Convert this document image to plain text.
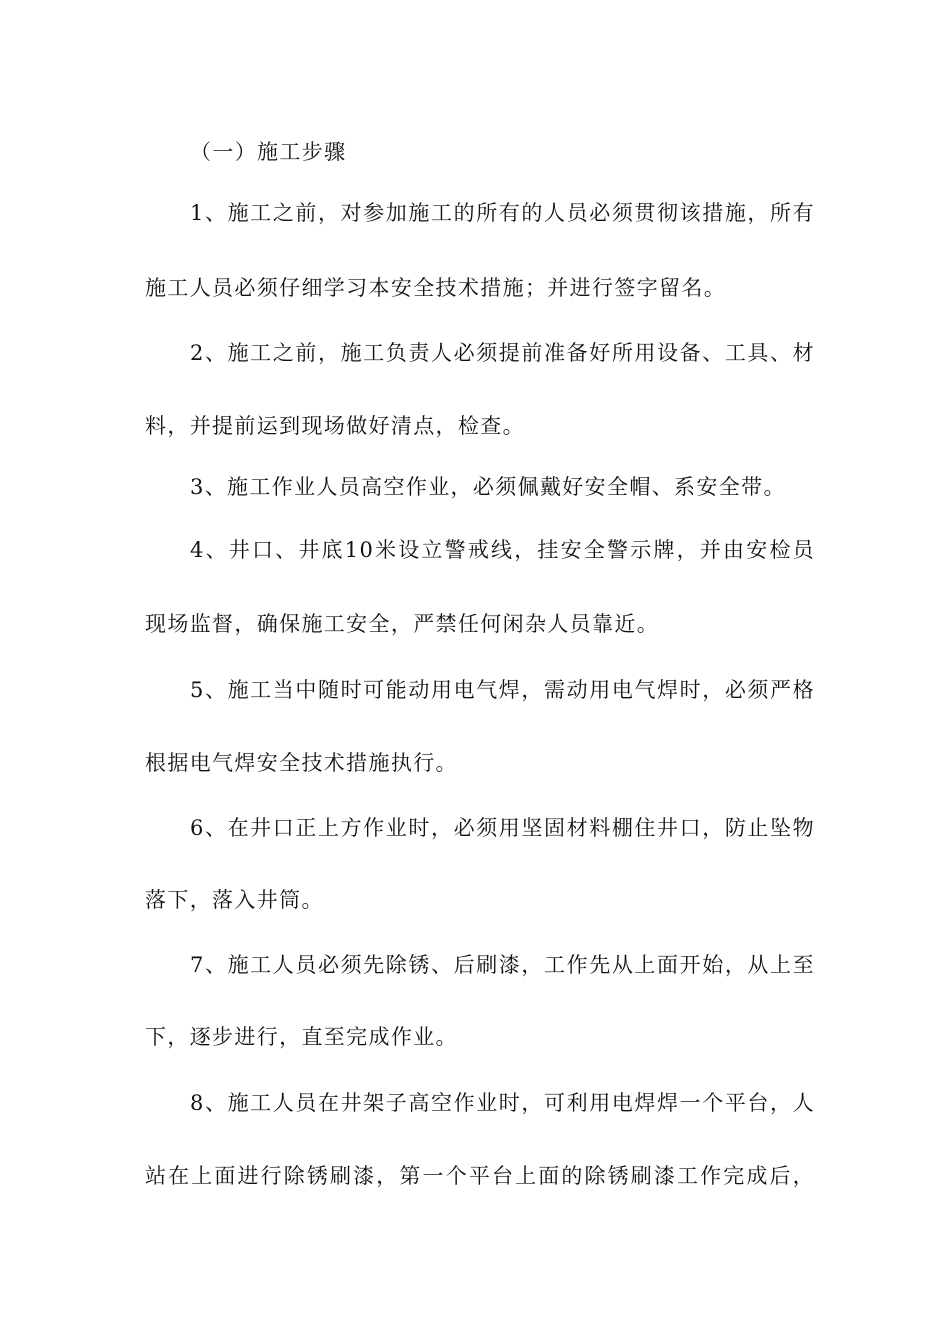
（一）施工步骤
1、施工之前，对参加施工的所有的人员必须贯彻该措施，所有
施工人员必须仔细学习本安全技术措施；并进行签字留名。
2、施工之前，施工负责人必须提前准备好所用设备、工具、材
料，并提前运到现场做好清点，检查。
3、施工作业人员高空作业，必须佩戴好安全帽、系安全带。
4、井口、井底10米设立警戒线，挂安全警示牌，并由安检员
现场监督，确保施工安全，严禁任何闲杂人员靠近。
5、施工当中随时可能动用电气焊，需动用电气焊时，必须严格
根据电气焊安全技术措施执行。
6、在井口正上方作业时，必须用坚固材料棚住井口，防止坠物
落下，落入井筒。
7、施工人员必须先除锈、后刷漆，工作先从上面开始，从上至
下，逐步进行，直至完成作业。
8、施工人员在井架子高空作业时，可利用电焊焊一个平台，人
站在上面进行除锈刷漆，第一个平台上面的除锈刷漆工作完成后，
